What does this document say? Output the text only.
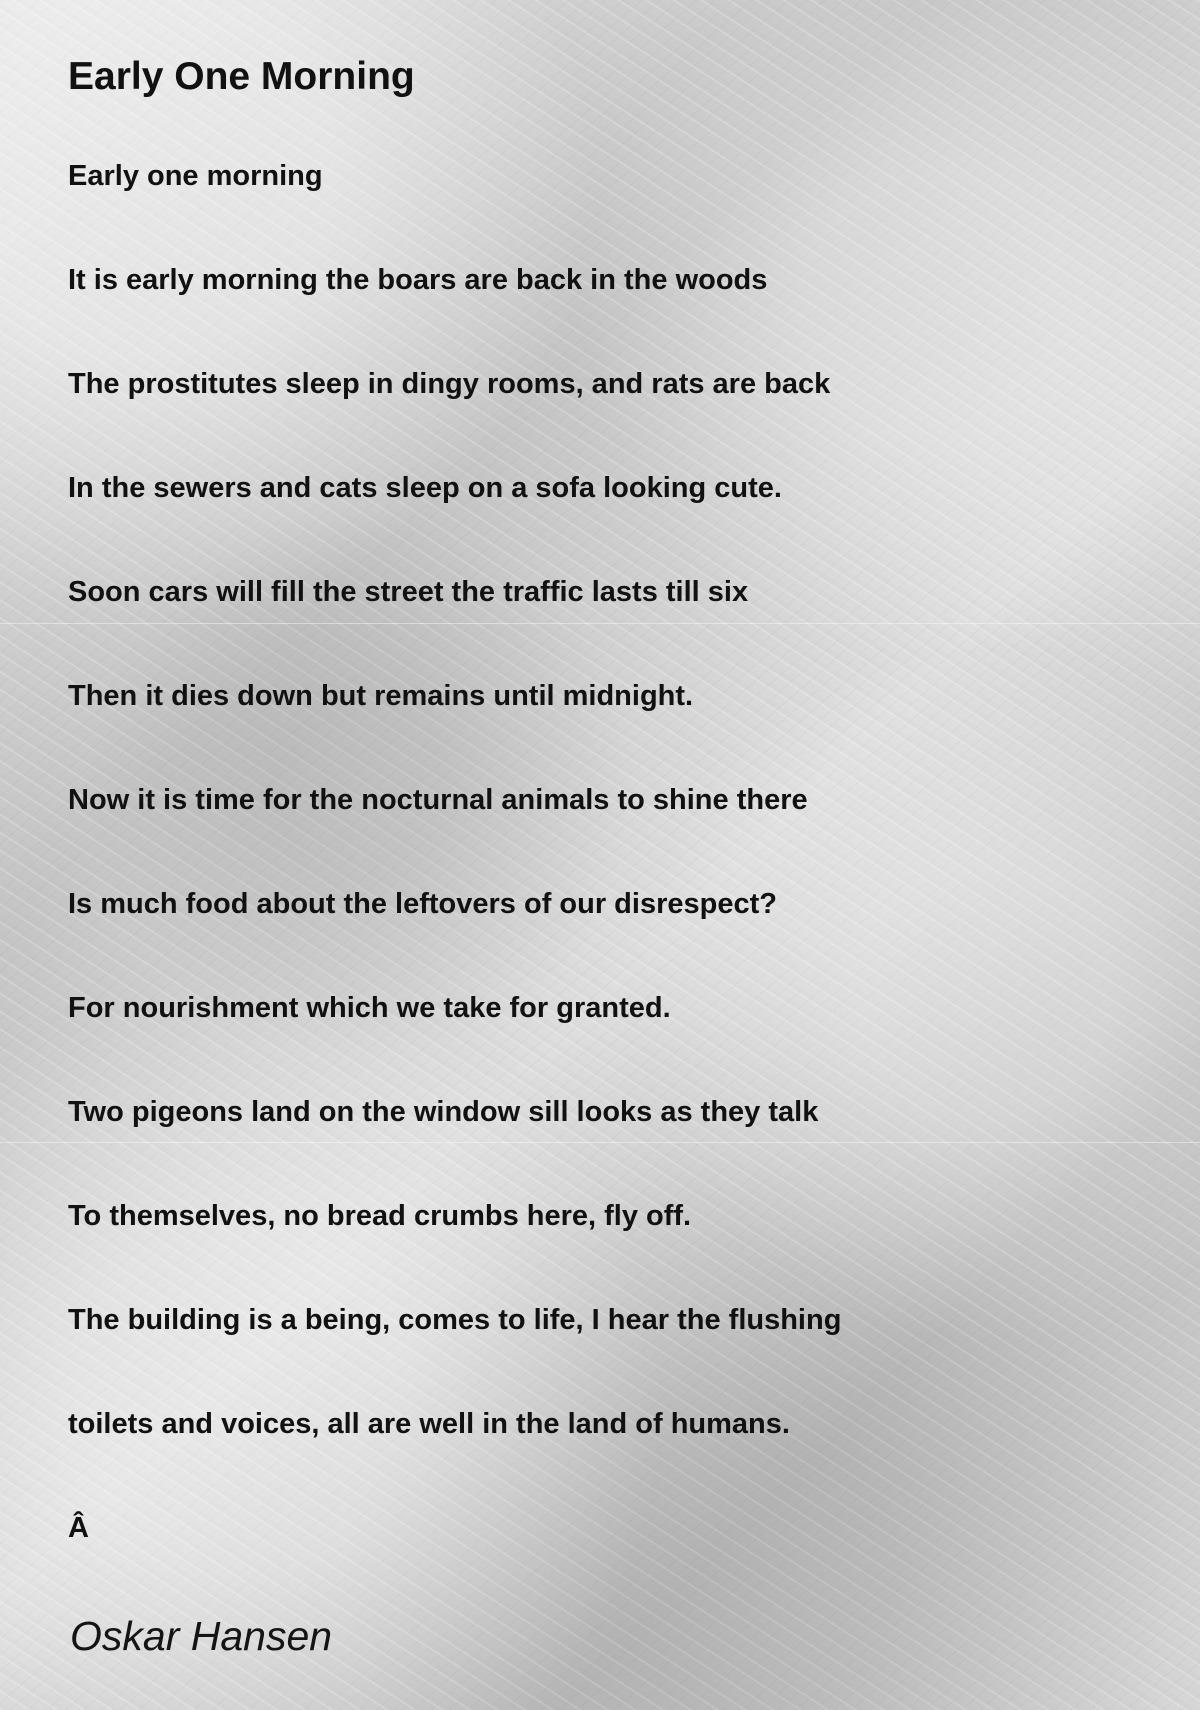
Early One Morning
Early one morning
It is early morning the boars are back in the woods
The prostitutes sleep in dingy rooms, and rats are back
In the sewers and cats sleep on a sofa looking cute.
Soon cars will fill the street the traffic lasts till six
Then it dies down but remains until midnight.
Now it is time for the nocturnal animals to shine there
Is much food about the leftovers of our disrespect?
For nourishment which we take for granted.
Two pigeons land on the window sill looks as they talk
To themselves, no bread crumbs here, fly off.
The building is a being, comes to life, I hear the flushing
toilets and voices, all are well in the land of humans.
Â
Oskar Hansen
